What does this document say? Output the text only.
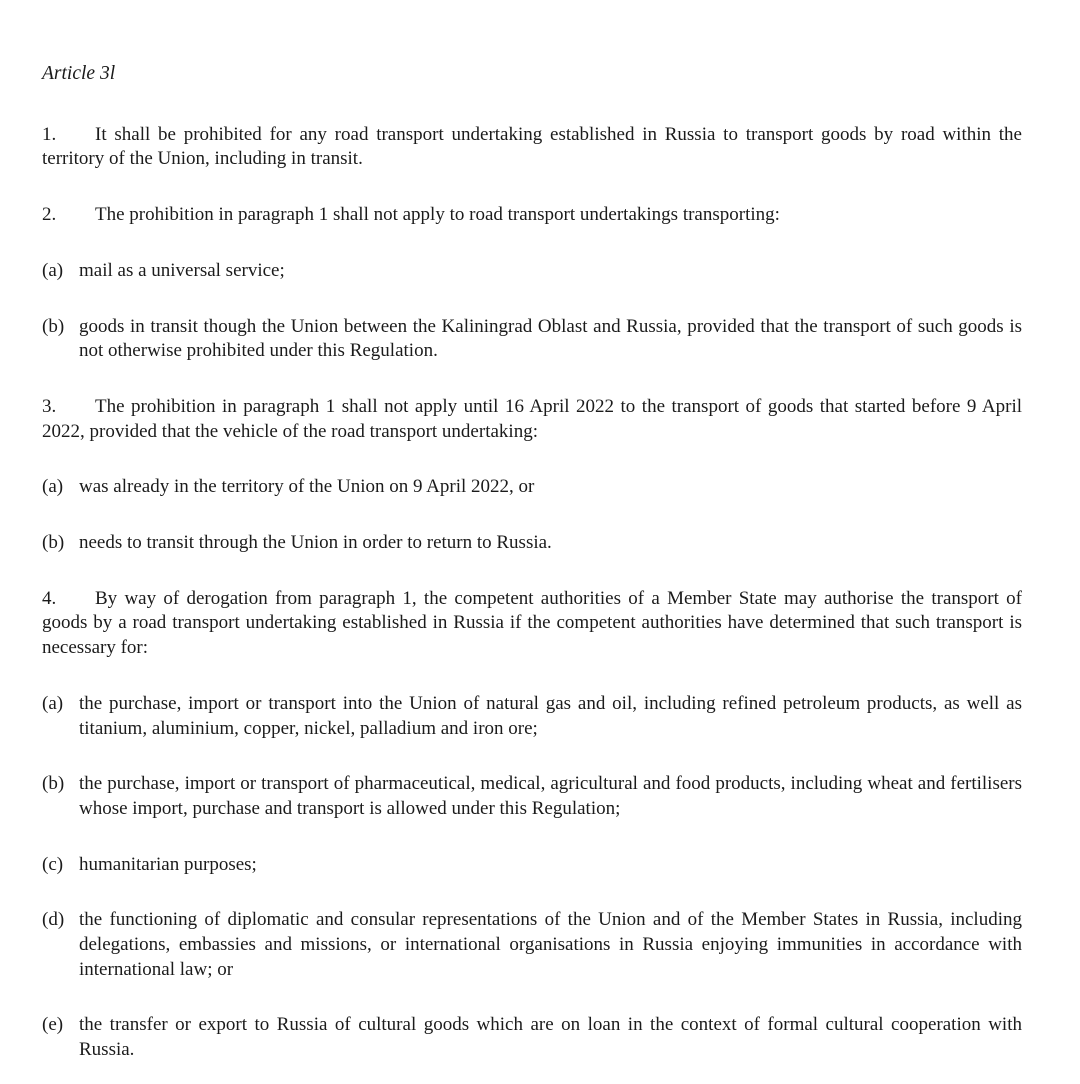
Article 3l

1. It shall be prohibited for any road transport undertaking established in Russia to transport goods by road within the territory of the Union, including in transit.

2. The prohibition in paragraph 1 shall not apply to road transport undertakings transporting:

(a) mail as a universal service;

(b) goods in transit though the Union between the Kaliningrad Oblast and Russia, provided that the transport of such goods is not otherwise prohibited under this Regulation.

3. The prohibition in paragraph 1 shall not apply until 16 April 2022 to the transport of goods that started before 9 April 2022, provided that the vehicle of the road transport undertaking:

(a) was already in the territory of the Union on 9 April 2022, or

(b) needs to transit through the Union in order to return to Russia.

4. By way of derogation from paragraph 1, the competent authorities of a Member State may authorise the transport of goods by a road transport undertaking established in Russia if the competent authorities have determined that such transport is necessary for:

(a) the purchase, import or transport into the Union of natural gas and oil, including refined petroleum products, as well as titanium, aluminium, copper, nickel, palladium and iron ore;

(b) the purchase, import or transport of pharmaceutical, medical, agricultural and food products, including wheat and fertilisers whose import, purchase and transport is allowed under this Regulation;

(c) humanitarian purposes;

(d) the functioning of diplomatic and consular representations of the Union and of the Member States in Russia, including delegations, embassies and missions, or international organisations in Russia enjoying immunities in accordance with international law; or

(e) the transfer or export to Russia of cultural goods which are on loan in the context of formal cultural cooperation with Russia.
